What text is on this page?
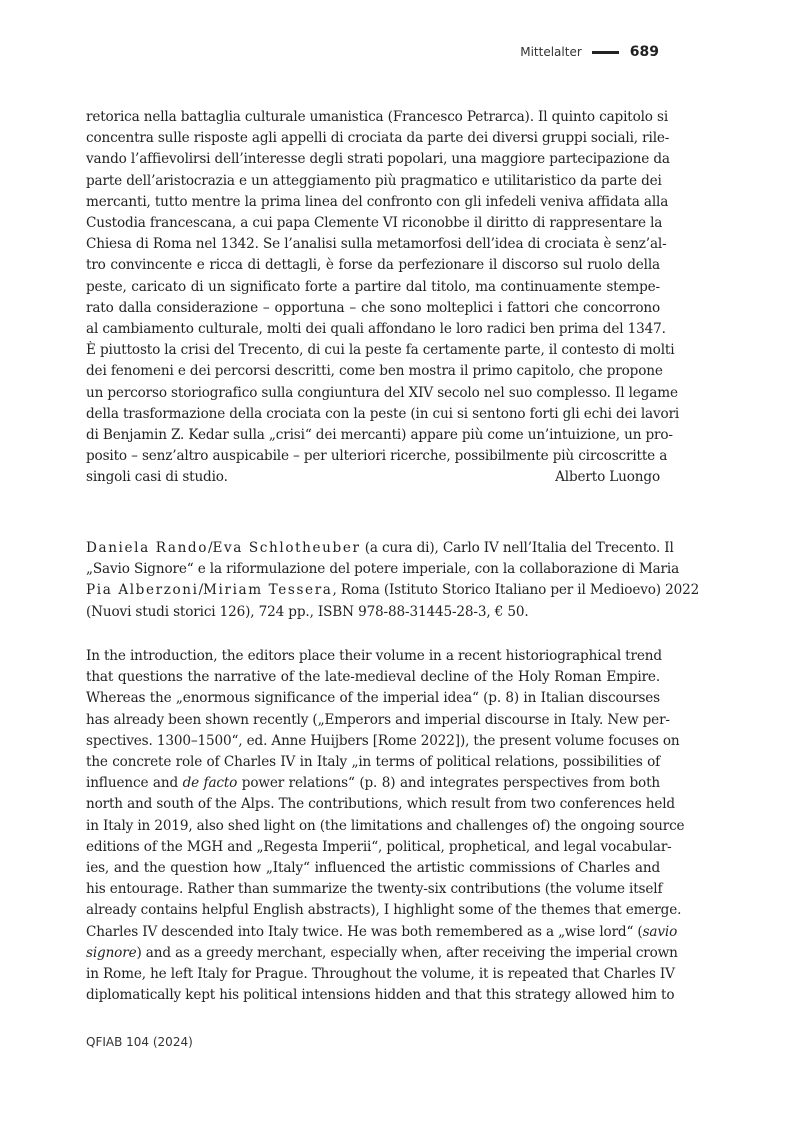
Mittelalter	689
retorica nella battaglia culturale umanistica (Francesco Petrarca). Il quinto capitolo si
concentra sulle risposte agli appelli di crociata da parte dei diversi gruppi sociali, rile-
vando l’affievolirsi dell’interesse degli strati popolari, una maggiore partecipazione da
parte dell’aristocrazia e un atteggiamento più pragmatico e utilitaristico da parte dei
mercanti, tutto mentre la prima linea del confronto con gli infedeli veniva affidata alla
Custodia francescana, a cui papa Clemente VI riconobbe il diritto di rappresentare la
Chiesa di Roma nel 1342. Se l’analisi sulla metamorfosi dell’idea di crociata è senz’al-
tro convincente e ricca di dettagli, è forse da perfezionare il discorso sul ruolo della
peste, caricato di un significato forte a partire dal titolo, ma continuamente stempe-
rato dalla considerazione – opportuna – che sono molteplici i fattori che concorrono
al cambiamento culturale, molti dei quali affondano le loro radici ben prima del 1347.
È piuttosto la crisi del Trecento, di cui la peste fa certamente parte, il contesto di molti
dei fenomeni e dei percorsi descritti, come ben mostra il primo capitolo, che propone
un percorso storiografico sulla congiuntura del XIV secolo nel suo complesso. Il legame
della trasformazione della crociata con la peste (in cui si sentono forti gli echi dei lavori
di Benjamin Z. Kedar sulla „crisi“ dei mercanti) appare più come un’intuizione, un pro-
posito – senz’altro auspicabile – per ulteriori ricerche, possibilmente più circoscritte a
singoli casi di studio.	Alberto Luongo
Daniela Rando/Eva Schlotheuber (a cura di), Carlo IV nell’Italia del Trecento. Il
„Savio Signore“ e la riformulazione del potere imperiale, con la collaborazione di Maria
Pia Alberzoni/Miriam Tessera, Roma (Istituto Storico Italiano per il Medioevo) 2022
(Nuovi studi storici 126), 724 pp., ISBN 978-88-31445-28-3, € 50.
In the introduction, the editors place their volume in a recent historiographical trend
that questions the narrative of the late-medieval decline of the Holy Roman Empire.
Whereas the „enormous significance of the imperial idea“ (p. 8) in Italian discourses
has already been shown recently („Emperors and imperial discourse in Italy. New per-
spectives. 1300–1500“, ed. Anne Huijbers [Rome 2022]), the present volume focuses on
the concrete role of Charles IV in Italy „in terms of political relations, possibilities of
influence and de facto power relations“ (p. 8) and integrates perspectives from both
north and south of the Alps. The contributions, which result from two conferences held
in Italy in 2019, also shed light on (the limitations and challenges of) the ongoing source
editions of the MGH and „Regesta Imperii“, political, prophetical, and legal vocabular-
ies, and the question how „Italy“ influenced the artistic commissions of Charles and
his entourage. Rather than summarize the twenty-six contributions (the volume itself
already contains helpful English abstracts), I highlight some of the themes that emerge.
Charles IV descended into Italy twice. He was both remembered as a „wise lord“ (savio
signore) and as a greedy merchant, especially when, after receiving the imperial crown
in Rome, he left Italy for Prague. Throughout the volume, it is repeated that Charles IV
diplomatically kept his political intensions hidden and that this strategy allowed him to
QFIAB 104 (2024)
